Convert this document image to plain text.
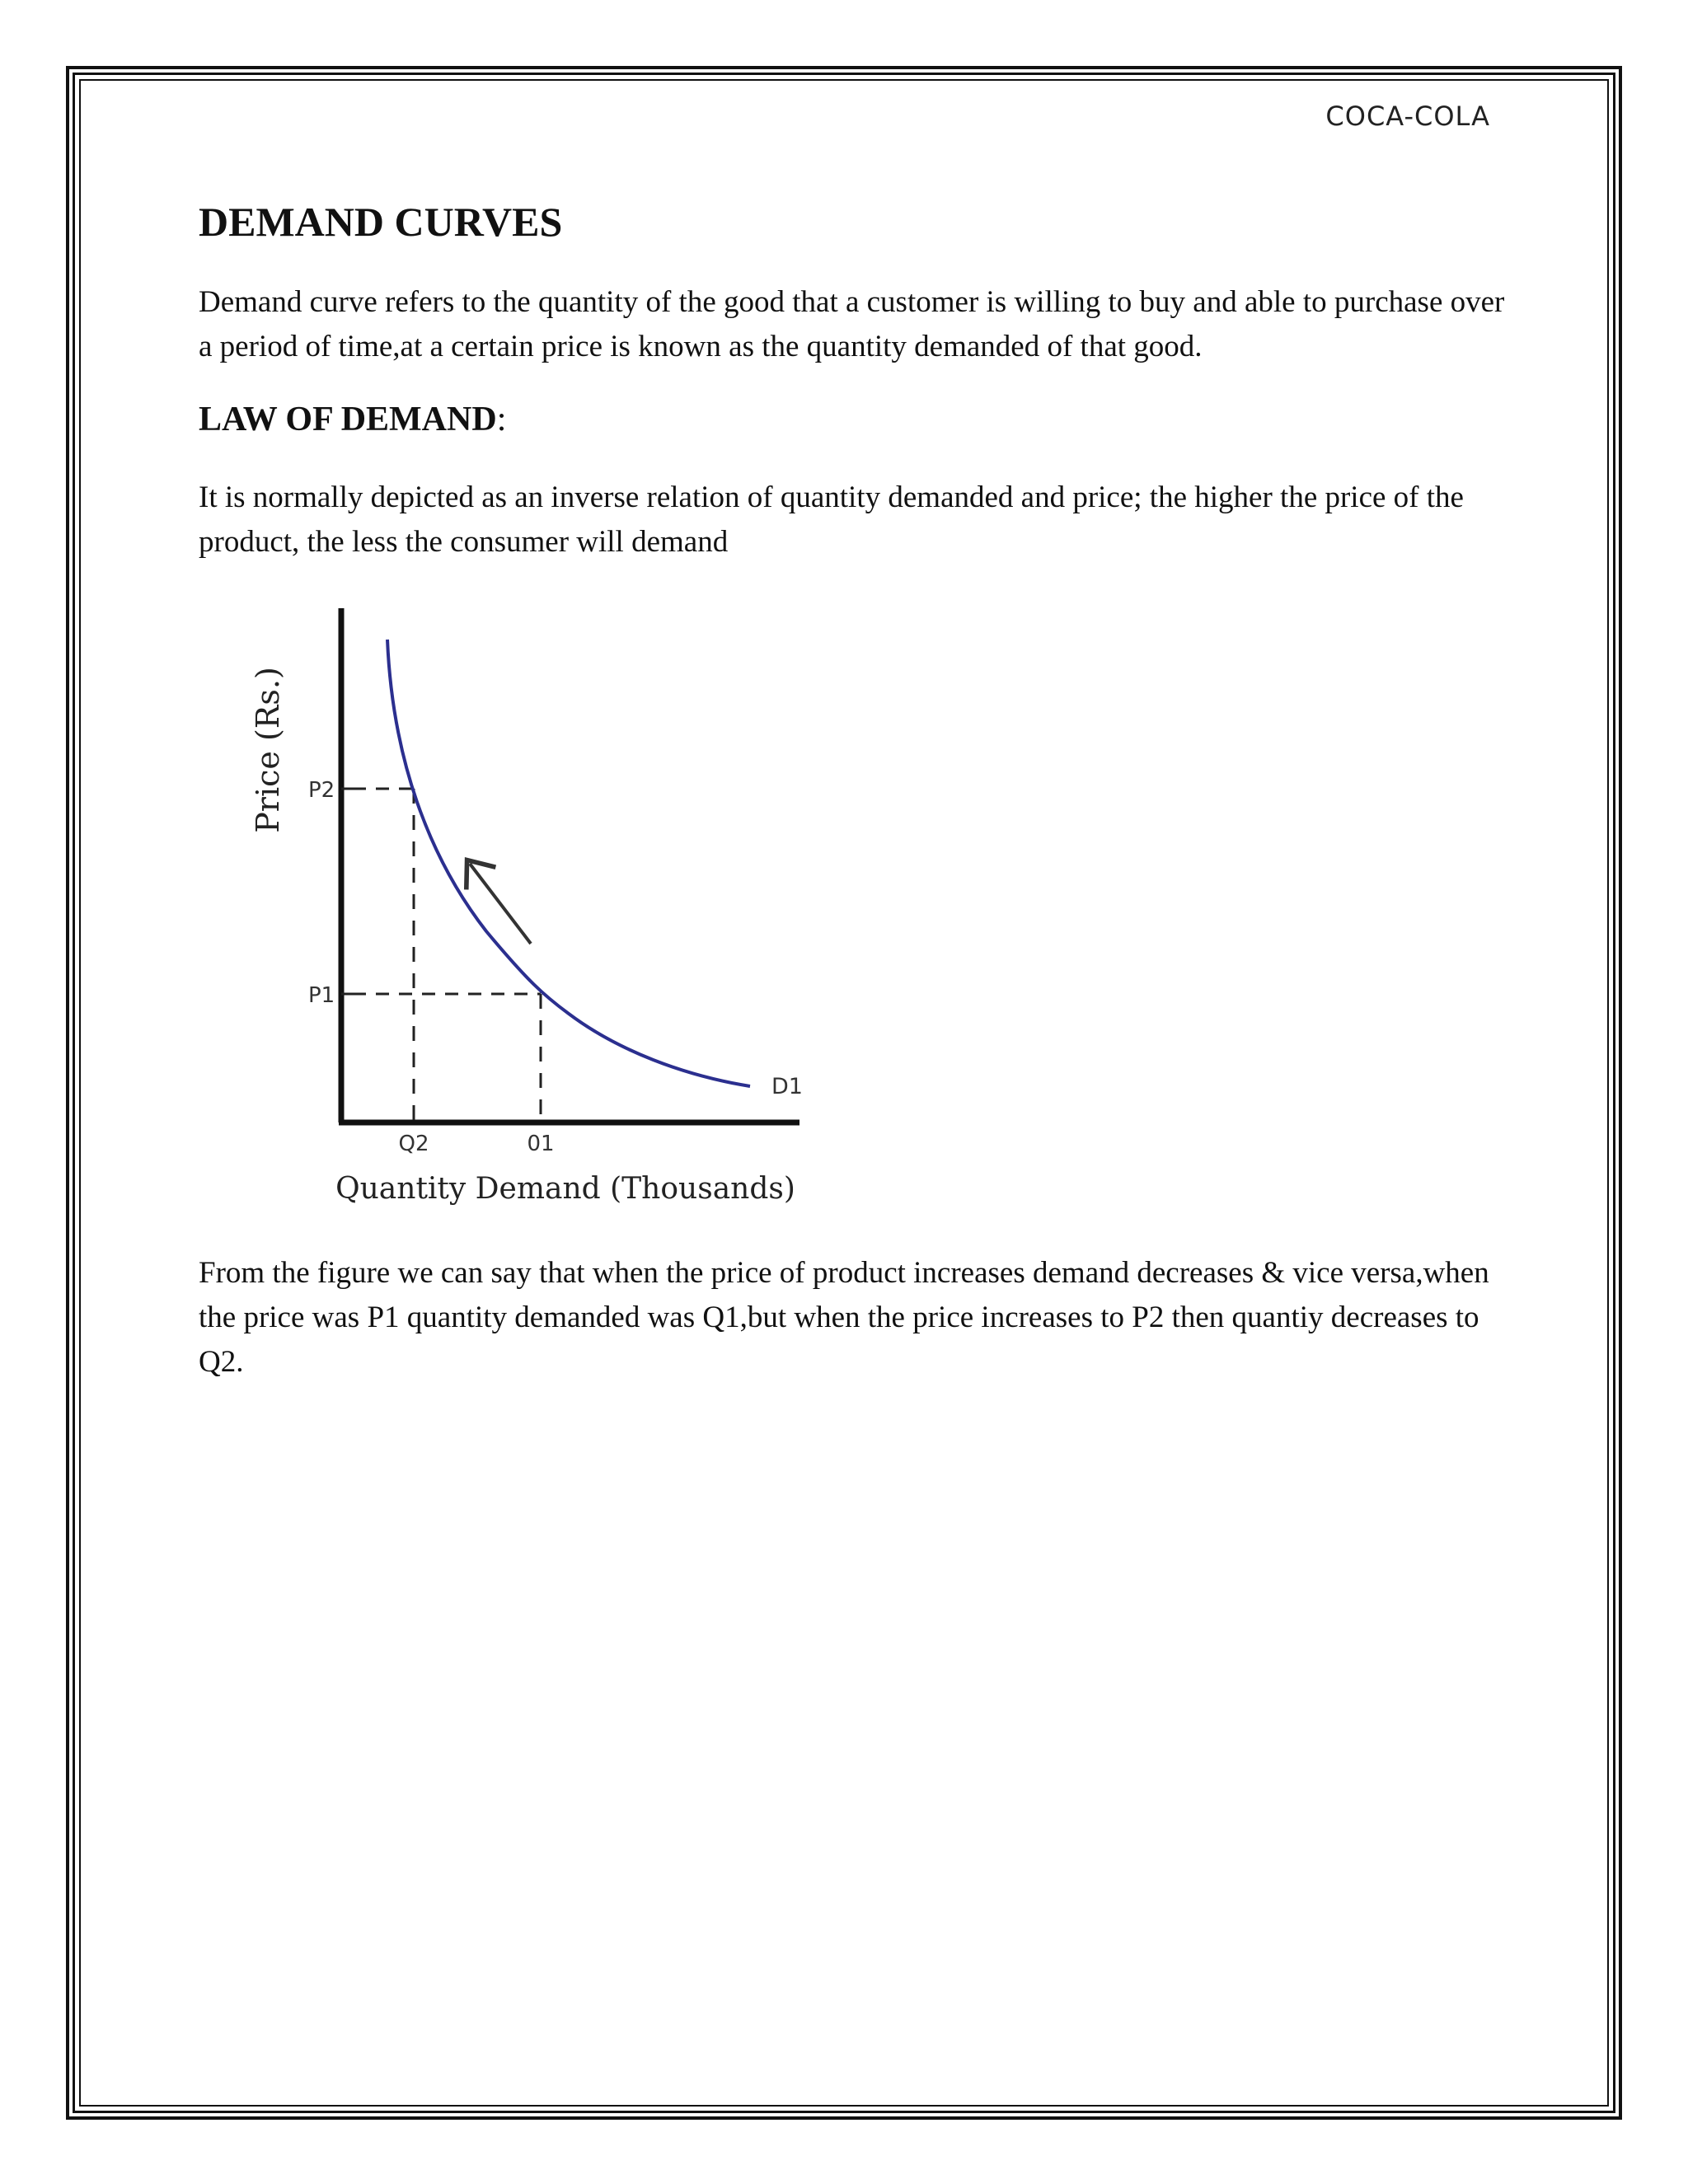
COCA-COLA
DEMAND CURVES

Demand curve refers to the quantity of the good that a customer is willing to buy and able to purchase over a period of time,at a certain price is known as the quantity demanded of that good.

LAW OF DEMAND:

It is normally depicted as an inverse relation of quantity demanded and price; the higher the price of the product, the less the consumer will demand

Price (Rs.) P2
P1
Q2	01
D1
Quantity Demand (Thousands)

From the figure we can say that when the price of product increases demand decreases & vice versa,when the price was P1 quantity demanded was Q1,but when the price increases to P2 then quantiy decreases to Q2.
